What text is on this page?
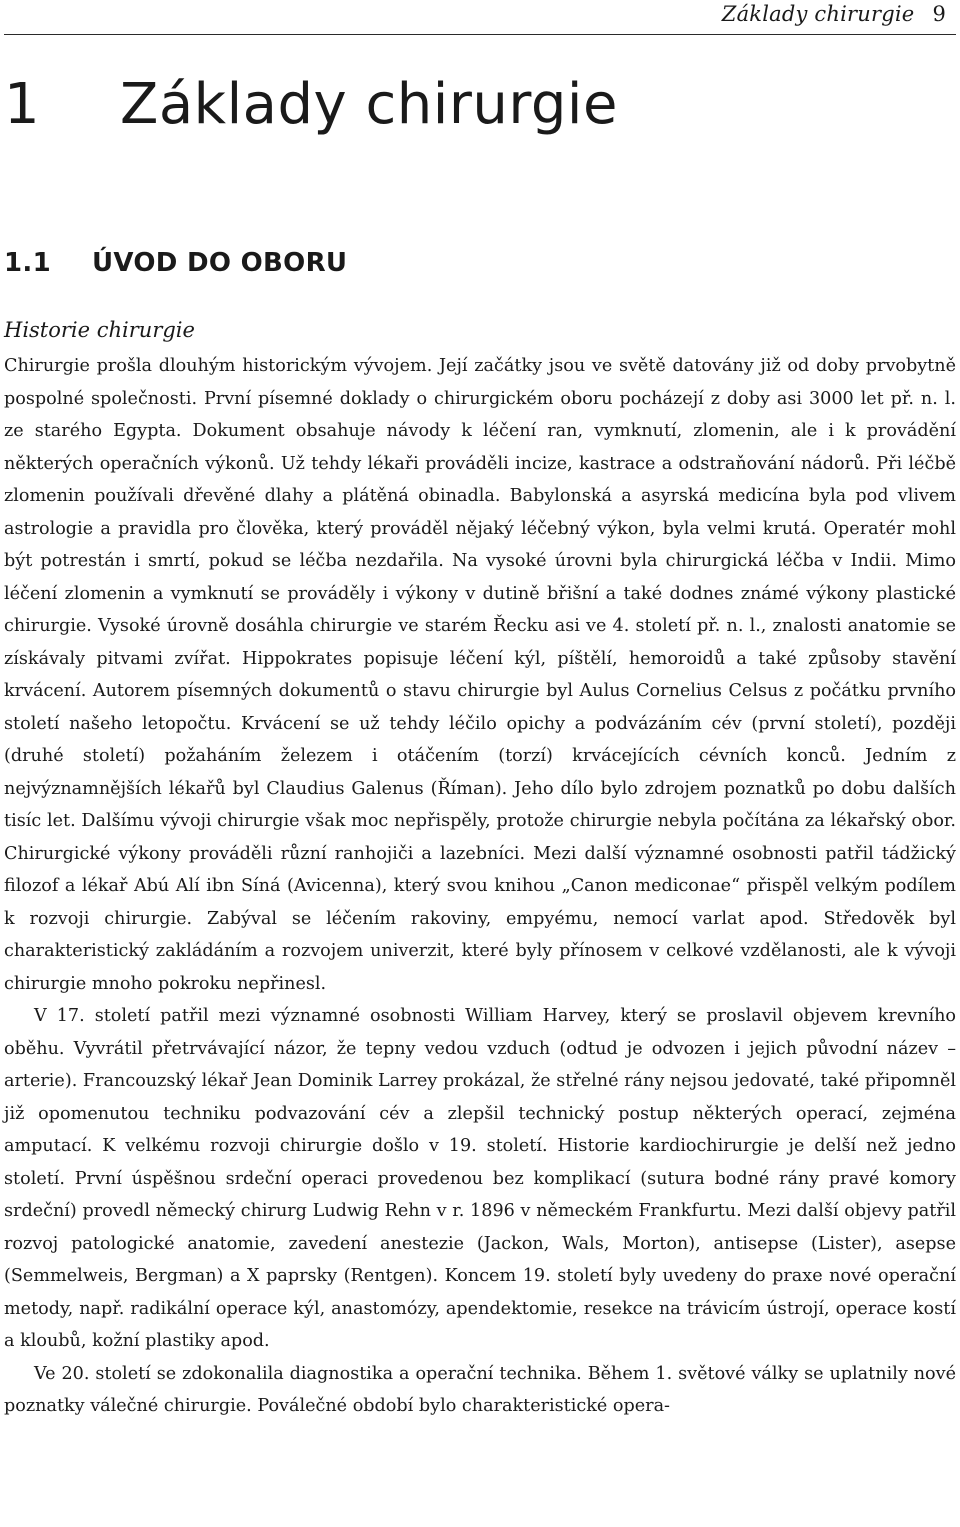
Základy chirurgie 9
1 Základy chirurgie
1.1 ÚVOD DO OBORU
Historie chirurgie

Chirurgie prošla dlouhým historickým vývojem. Její začátky jsou ve světě datovány již od doby prvobytně pospolné společnosti. První písemné doklady o chirurgickém oboru pocházejí z doby asi 3000 let př. n. l. ze starého Egypta. Dokument obsahuje návody k léčení ran, vymknutí, zlomenin, ale i k provádění některých operačních výkonů. Už tehdy lékaři prováděli incize, kastrace a odstraňování nádorů. Při léčbě zlomenin používali dřevěné dlahy a plátěná obinadla. Babylonská a asyrská medicína byla pod vlivem astrologie a pravidla pro člověka, který prováděl nějaký léčebný výkon, byla velmi krutá. Operatér mohl být potrestán i smrtí, pokud se léčba nezdařila. Na vysoké úrovni byla chirurgická léčba v Indii. Mimo léčení zlomenin a vymknutí se prováděly i výkony v dutině břišní a také dodnes známé výkony plastické chirurgie. Vysoké úrovně dosáhla chirurgie ve starém Řecku asi ve 4. století př. n. l., znalosti anatomie se získávaly pitvami zvířat. Hippokrates popisuje léčení kýl, píštělí, hemoroidů a také způsoby stavění krvácení. Autorem písemných dokumentů o stavu chirurgie byl Aulus Cornelius Celsus z počátku prvního století našeho letopočtu. Krvácení se už tehdy léčilo opichy a podvázáním cév (první století), později (druhé století) požaháním železem i otáčením (torzí) krvácejících cévních konců. Jedním z nejvýznamnějších lékařů byl Claudius Galenus (Říman). Jeho dílo bylo zdrojem poznatků po dobu dalších tisíc let. Dalšímu vývoji chirurgie však moc nepřispěly, protože chirurgie nebyla počítána za lékařský obor. Chirurgické výkony prováděli různí ranhojiči a lazebníci. Mezi další významné osobnosti patřil tádžický filozof a lékař Abú Alí ibn Síná (Avicenna), který svou knihou „Canon mediconae“ přispěl velkým podílem k rozvoji chirurgie. Zabýval se léčením rakoviny, empyému, nemocí varlat apod. Středověk byl charakteristický zakládáním a rozvojem univerzit, které byly přínosem v celkové vzdělanosti, ale k vývoji chirurgie mnoho pokroku nepřinesl.

V 17. století patřil mezi významné osobnosti William Harvey, který se proslavil objevem krevního oběhu. Vyvrátil přetrvávající názor, že tepny vedou vzduch (odtud je odvozen i jejich původní název – arterie). Francouzský lékař Jean Dominik Larrey prokázal, že střelné rány nejsou jedovaté, také připomněl již opomenutou techniku podvazování cév a zlepšil technický postup některých operací, zejména amputací. K velkému rozvoji chirurgie došlo v 19. století. Historie kardiochirurgie je delší než jedno století. První úspěšnou srdeční operaci provedenou bez komplikací (sutura bodné rány pravé komory srdeční) provedl německý chirurg Ludwig Rehn v r. 1896 v německém Frankfurtu. Mezi další objevy patřil rozvoj patologické anatomie, zavedení anestezie (Jackon, Wals, Morton), antisepse (Lister), asepse (Semmelweis, Bergman) a X paprsky (Rentgen). Koncem 19. století byly uvedeny do praxe nové operační metody, např. radikální operace kýl, anastomózy, apendektomie, resekce na trávicím ústrojí, operace kostí a kloubů, kožní plastiky apod.

Ve 20. století se zdokonalila diagnostika a operační technika. Během 1. světové války se uplatnily nové poznatky válečné chirurgie. Poválečné období bylo charakteristické opera-
